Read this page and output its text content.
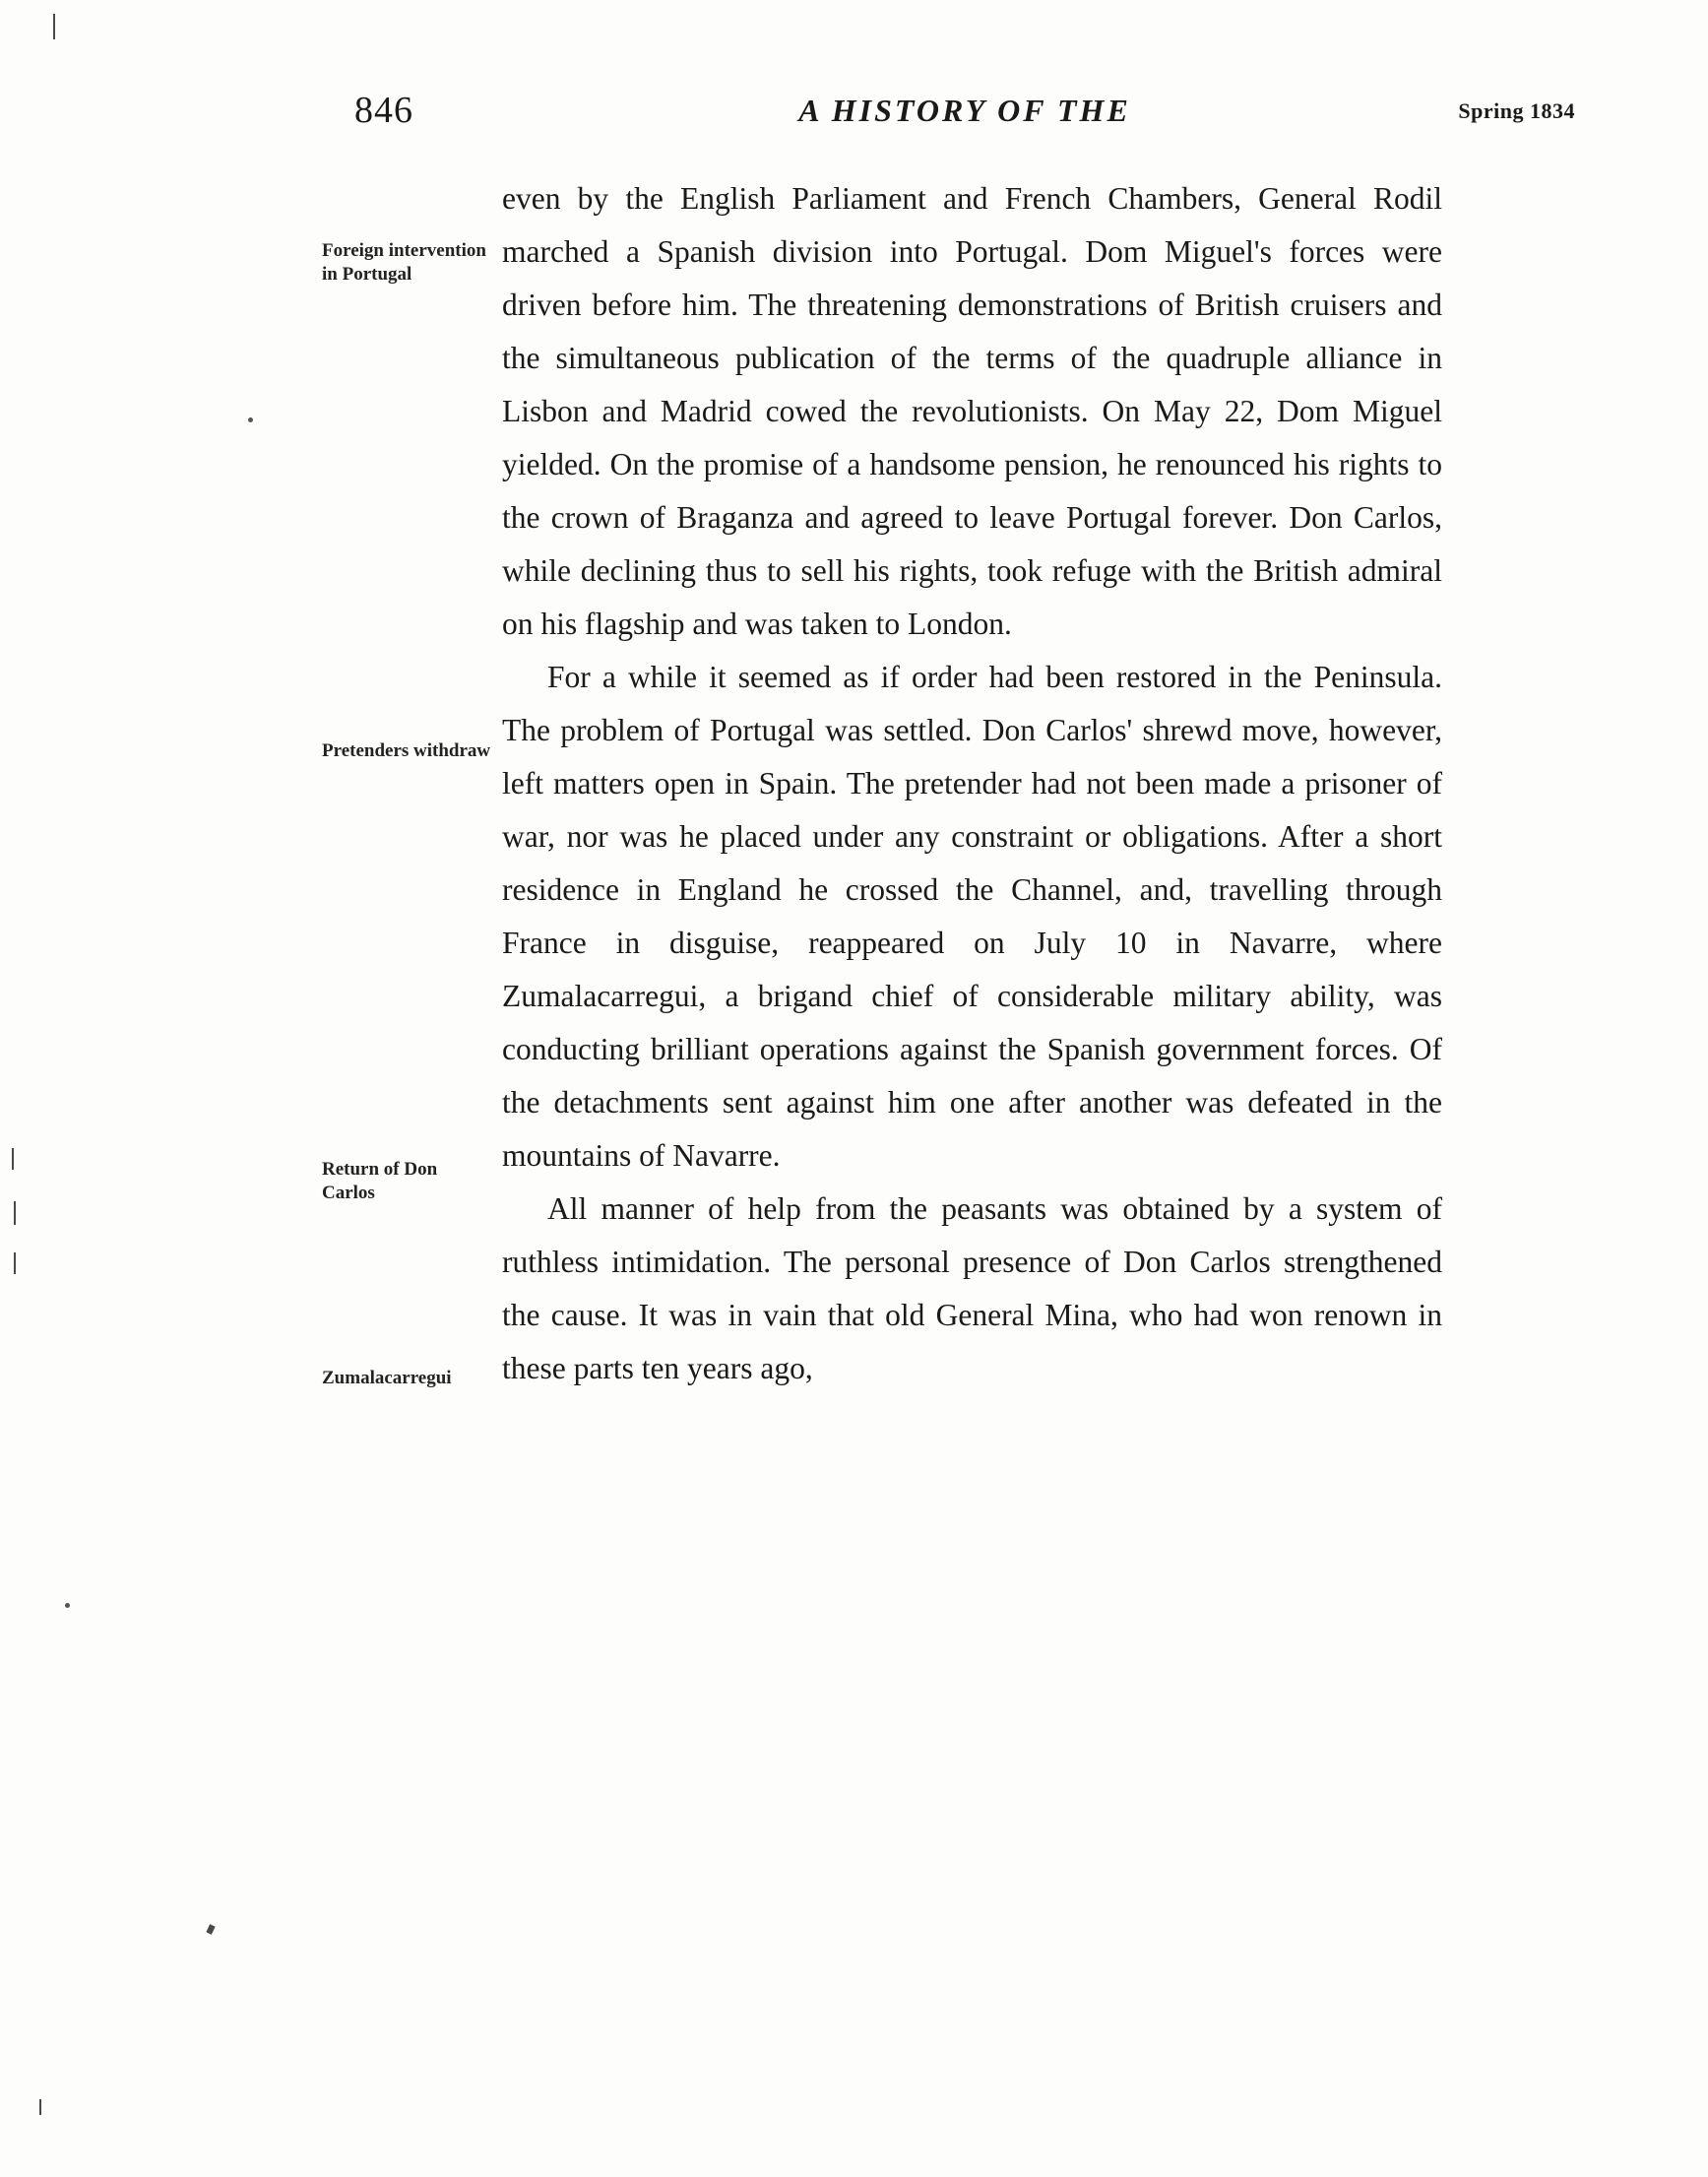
846	A HISTORY OF THE	Spring 1834
Foreign intervention in Portugal
Pretenders withdraw
Return of Don Carlos
Zumalacarregui

even by the English Parliament and French Chambers, General Rodil marched a Spanish division into Portugal. Dom Miguel's forces were driven before him. The threatening demonstrations of British cruisers and the simultaneous publication of the terms of the quadruple alliance in Lisbon and Madrid cowed the revolutionists. On May 22, Dom Miguel yielded. On the promise of a handsome pension, he renounced his rights to the crown of Braganza and agreed to leave Portugal forever. Don Carlos, while declining thus to sell his rights, took refuge with the British admiral on his flagship and was taken to London.

For a while it seemed as if order had been restored in the Peninsula. The problem of Portugal was settled. Don Carlos' shrewd move, however, left matters open in Spain. The pretender had not been made a prisoner of war, nor was he placed under any constraint or obligations. After a short residence in England he crossed the Channel, and, travelling through France in disguise, reappeared on July 10 in Navarre, where Zumalacarregui, a brigand chief of considerable military ability, was conducting brilliant operations against the Spanish government forces. Of the detachments sent against him one after another was defeated in the mountains of Navarre.

All manner of help from the peasants was obtained by a system of ruthless intimidation. The personal presence of Don Carlos strengthened the cause. It was in vain that old General Mina, who had won renown in these parts ten years ago,
